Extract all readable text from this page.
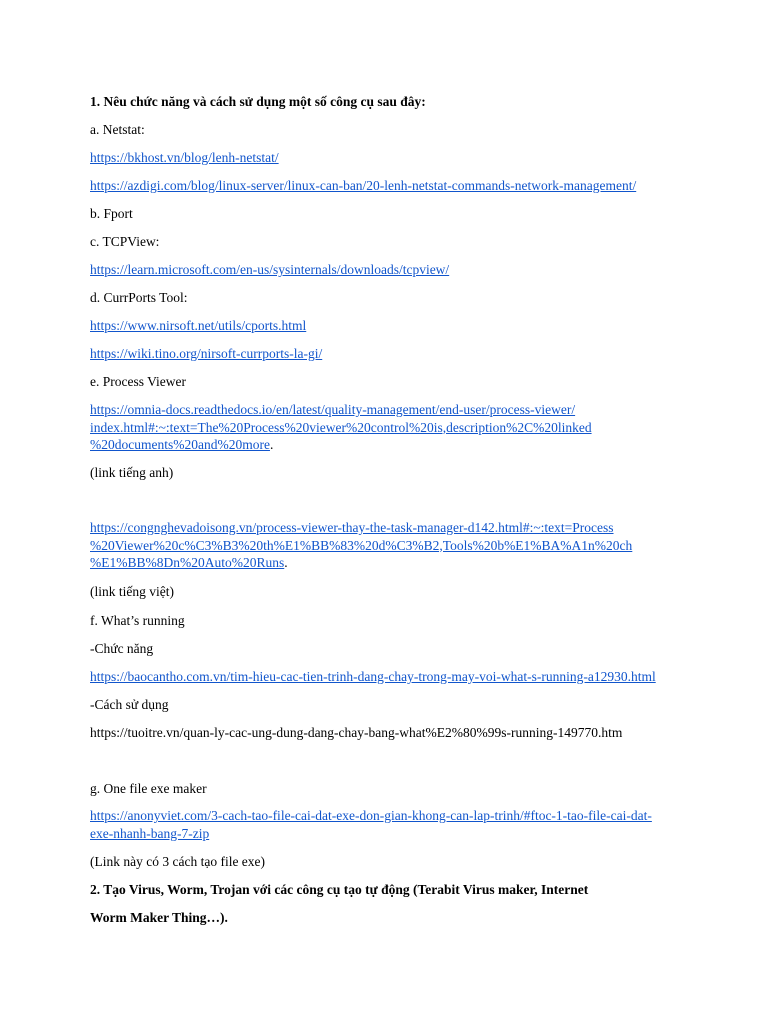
1. Nêu chức năng và cách sử dụng một số công cụ sau đây:
a. Netstat:
https://bkhost.vn/blog/lenh-netstat/
https://azdigi.com/blog/linux-server/linux-can-ban/20-lenh-netstat-commands-network-management/
b. Fport
c. TCPView:
https://learn.microsoft.com/en-us/sysinternals/downloads/tcpview/
d. CurrPorts Tool:
https://www.nirsoft.net/utils/cports.html
https://wiki.tino.org/nirsoft-currports-la-gi/
e. Process Viewer
https://omnia-docs.readthedocs.io/en/latest/quality-management/end-user/process-viewer/
index.html#:~:text=The%20Process%20viewer%20control%20is,description%2C%20linked
%20documents%20and%20more.
(link tiếng anh)
https://congnghevadoisong.vn/process-viewer-thay-the-task-manager-d142.html#:~:text=Process
%20Viewer%20c%C3%B3%20th%E1%BB%83%20d%C3%B2,Tools%20b%E1%BA%A1n%20ch
%E1%BB%8Dn%20Auto%20Runs.
(link tiếng việt)
f. What’s running
-Chức năng
https://baocantho.com.vn/tim-hieu-cac-tien-trinh-dang-chay-trong-may-voi-what-s-running-a12930.html
-Cách sử dụng
https://tuoitre.vn/quan-ly-cac-ung-dung-dang-chay-bang-what%E2%80%99s-running-149770.htm
g. One file exe maker
https://anonyviet.com/3-cach-tao-file-cai-dat-exe-don-gian-khong-can-lap-trinh/#ftoc-1-tao-file-cai-dat-
exe-nhanh-bang-7-zip
(Link này có 3 cách tạo file exe)
2. Tạo Virus, Worm, Trojan với các công cụ tạo tự động (Terabit Virus maker, Internet
Worm Maker Thing…).
